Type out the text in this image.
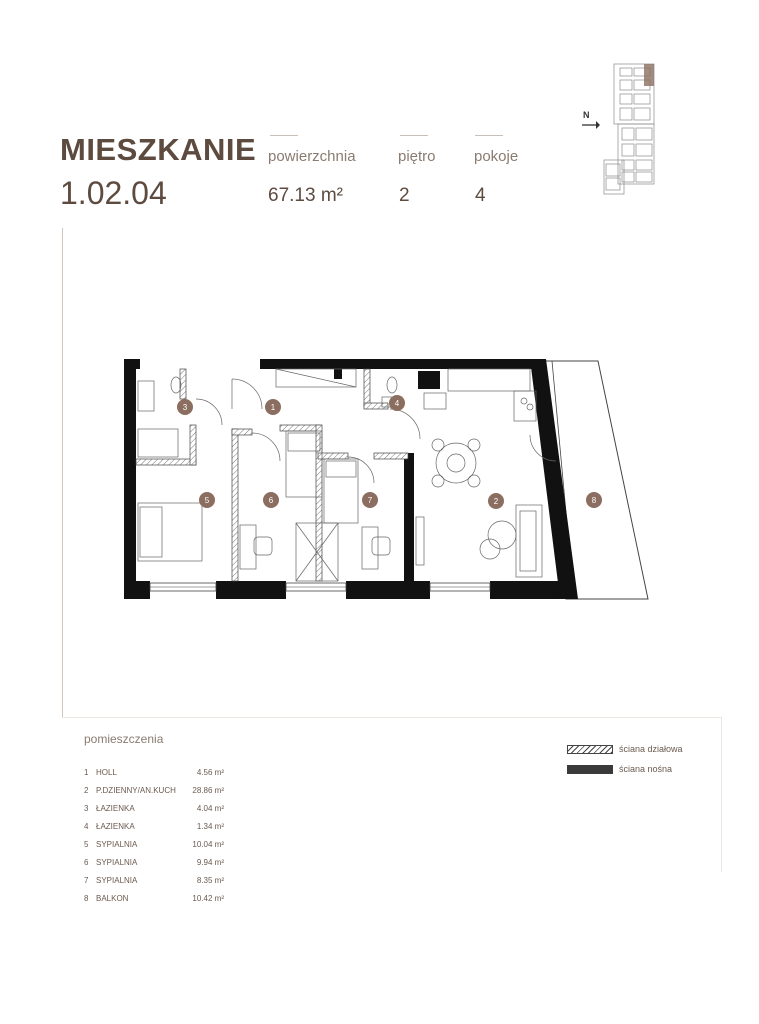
MIESZKANIE
1.02.04
powierzchnia
67.13 m²
piętro
2
pokoje
4
N
1
2
3	4
5	6	7	8
pomieszczenia
1 HOLL	4.56 m²
2 P.DZIENNY/AN.KUCH 28.86 m²
3 ŁAZIENKA	4.04 m²
4 ŁAZIENKA	1.34 m²
5 SYPIALNIA	10.04 m²
6 SYPIALNIA	9.94 m²
7 SYPIALNIA	8.35 m²
8 BALKON	10.42 m²
ściana działowa
ściana nośna
